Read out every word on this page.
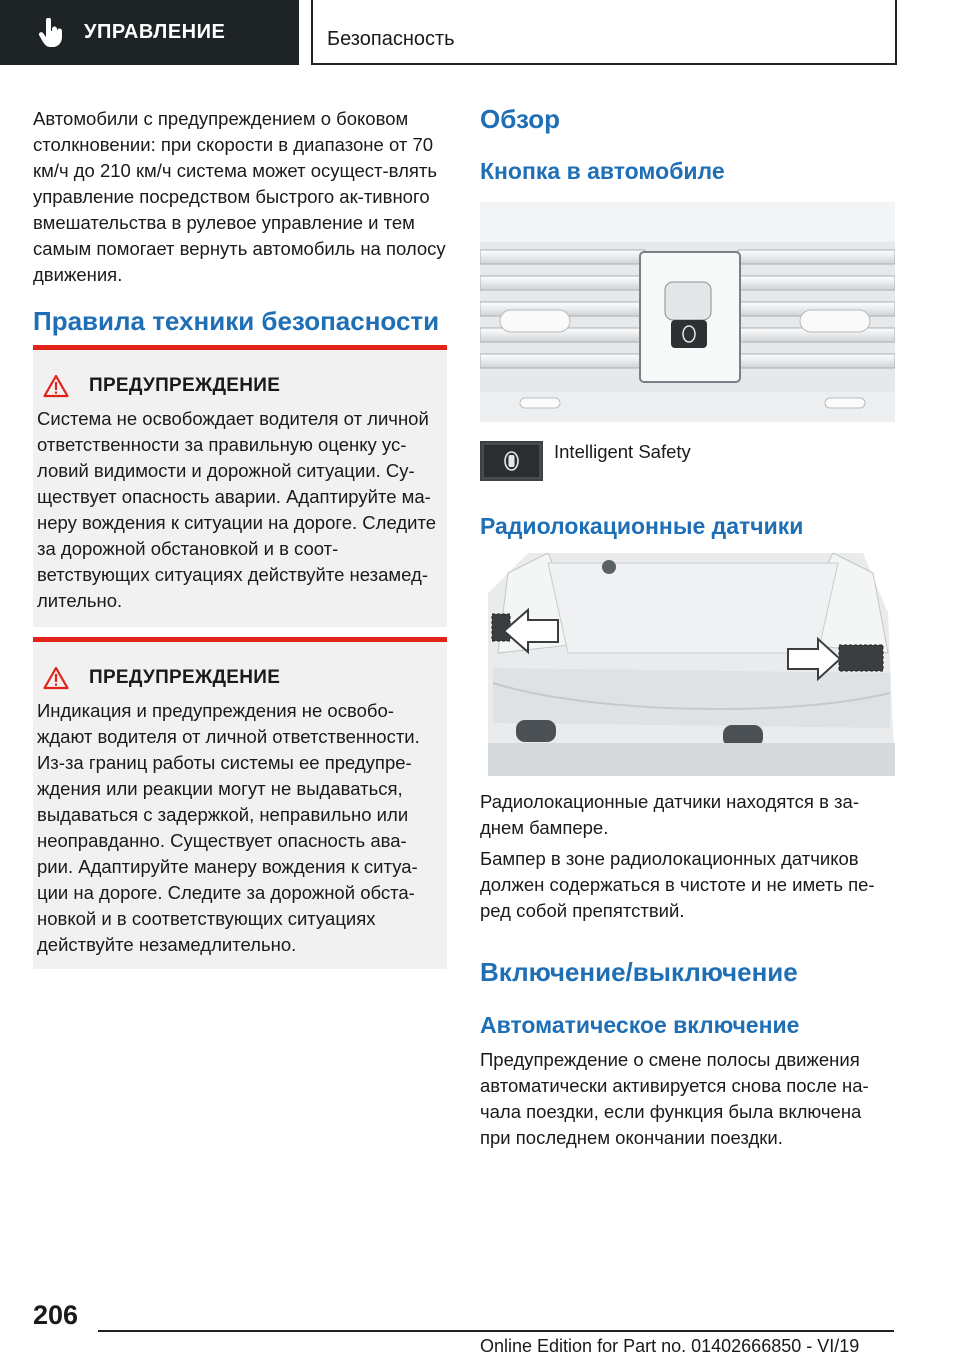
УПРАВЛЕНИЕ	Безопасность

Автомобили с предупреждением о боковом столкновении: при скорости в диапазоне от 70 км/ч до 210 км/ч система может осущест-влять управление посредством быстрого ак-тивного вмешательства в рулевое управление и тем самым помогает вернуть автомобиль на полосу движения.

Правила техники безопасности
ПРЕДУПРЕЖДЕНИЕ

Система не освобождает водителя от личной ответственности за правильную оценку ус-ловий видимости и дорожной ситуации. Су-ществует опасность аварии. Адаптируйте ма-неру вождения к ситуации на дороге. Следите за дорожной обстановкой и в соот-ветствующих ситуациях действуйте незамед-лительно.

ПРЕДУПРЕЖДЕНИЕ

Индикация и предупреждения не освобо-ждают водителя от личной ответственности. Из-за границ работы системы ее предупре-ждения или реакции могут не выдаваться, выдаваться с задержкой, неправильно или неоправданно. Существует опасность ава-рии. Адаптируйте манеру вождения к ситуа-ции на дороге. Следите за дорожной обста-новкой и в соответствующих ситуациях действуйте незамедлительно.

Обзор
Кнопка в автомобиле
Intelligent Safety
Радиолокационные датчики

Радиолокационные датчики находятся в за-днем бампере.

Бампер в зоне радиолокационных датчиков должен содержаться в чистоте и не иметь пе-ред собой препятствий.

Включение/выключение
Автоматическое включение

Предупреждение о смене полосы движения автоматически активируется снова после на-чала поездки, если функция была включена при последнем окончании поездки.

206
Online Edition for Part no. 01402666850 - VI/19
